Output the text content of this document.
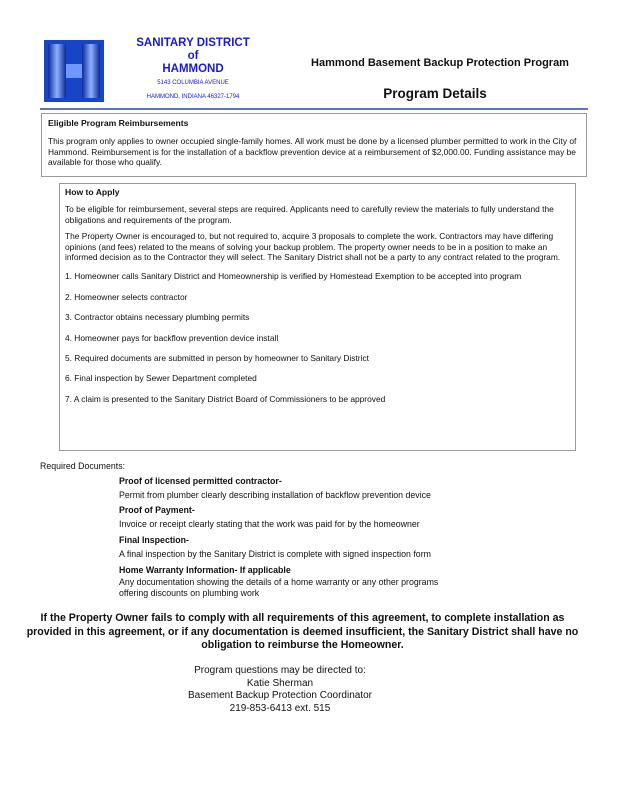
SANITARY DISTRICT
of
HAMMOND
5143 COLUMBIA AVENUE
HAMMOND, INDIANA 46327-1794
Hammond Basement Backup Protection Program
Program Details
Eligible Program Reimbursements
This program only applies to owner occupied single-family homes. All work must be done by a licensed plumber permitted to work in the City of Hammond. Reimbursement is for the installation of a backflow prevention device at a reimbursement of $2,000.00. Funding assistance may be available for those who qualify.
How to Apply
To be eligible for reimbursement, several steps are required. Applicants need to carefully review the materials to fully understand the obligations and requirements of the program.
The Property Owner is encouraged to, but not required to, acquire 3 proposals to complete the work. Contractors may have differing opinions (and fees) related to the means of solving your backup problem. The property owner needs to be in a position to make an informed decision as to the Contractor they will select. The Sanitary District shall not be a party to any contract related to the program.
1. Homeowner calls Sanitary District and Homeownership is verified by Homestead Exemption to be accepted into program
2. Homeowner selects contractor
3. Contractor obtains necessary plumbing permits
4. Homeowner pays for backflow prevention device install
5. Required documents are submitted in person by homeowner to Sanitary District
6. Final inspection by Sewer Department completed
7. A claim is presented to the Sanitary District Board of Commissioners to be approved
Required Documents:
Proof of licensed permitted contractor-
Permit from plumber clearly describing installation of backflow prevention device
Proof of Payment-
Invoice or receipt clearly stating that the work was paid for by the homeowner
Final Inspection-
A final inspection by the Sanitary District is complete with signed inspection form
Home Warranty Information- If applicable
Any documentation showing the details of a home warranty or any other programs offering discounts on plumbing work
If the Property Owner fails to comply with all requirements of this agreement, to complete installation as provided in this agreement, or if any documentation is deemed insufficient, the Sanitary District shall have no obligation to reimburse the Homeowner.
Program questions may be directed to:
Katie Sherman
Basement Backup Protection Coordinator
219-853-6413 ext. 515
